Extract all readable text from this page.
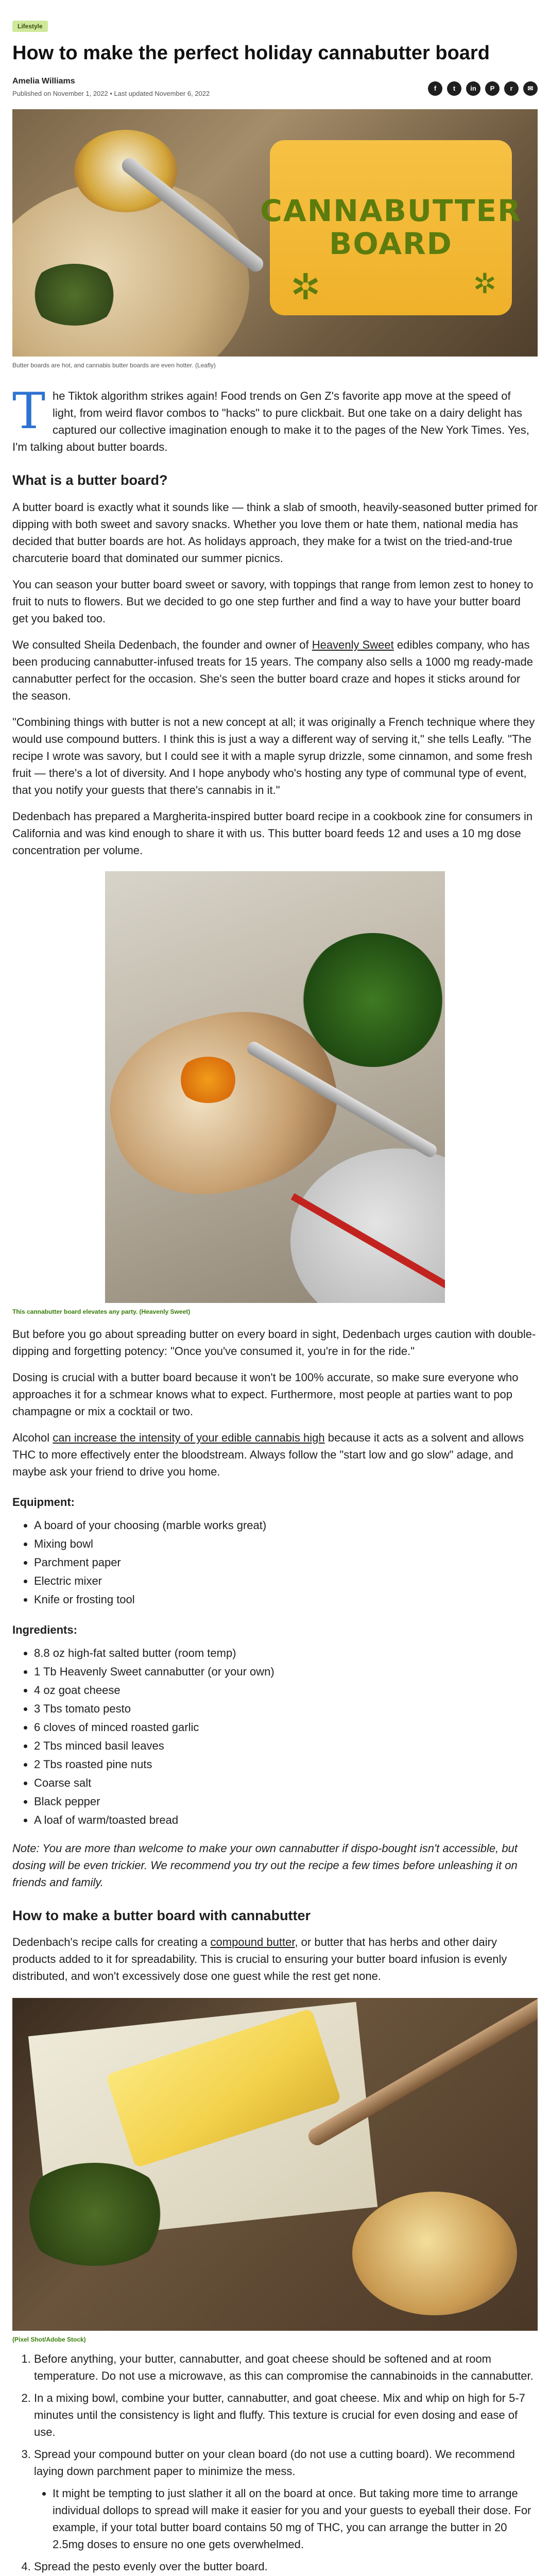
Lifestyle
How to make the perfect holiday cannabutter board
Amelia Williams
Published on November 1, 2022 • Last updated November 6, 2022
f	t	in	P	r	✉
CANNABUTTER
BOARD
✲	✲
Butter boards are hot, and cannabis butter boards are even hotter. (Leafly)
T he Tiktok algorithm strikes again! Food trends on Gen Z's favorite app move at the speed of light, from weird flavor combos to "hacks" to pure clickbait. But one take on a dairy delight has captured our collective imagination enough to make it to the pages of the New York Times. Yes, I'm talking about butter boards.

What is a butter board?

A butter board is exactly what it sounds like — think a slab of smooth, heavily-seasoned butter primed for dipping with both sweet and savory snacks. Whether you love them or hate them, national media has decided that butter boards are hot. As holidays approach, they make for a twist on the tried-and-true charcuterie board that dominated our summer picnics.

You can season your butter board sweet or savory, with toppings that range from lemon zest to honey to fruit to nuts to flowers. But we decided to go one step further and find a way to have your butter board get you baked too.

We consulted Sheila Dedenbach, the founder and owner of Heavenly Sweet edibles company, who has been producing cannabutter-infused treats for 15 years. The company also sells a 1000 mg ready-made cannabutter perfect for the occasion. She's seen the butter board craze and hopes it sticks around for the season.

"Combining things with butter is not a new concept at all; it was originally a French technique where they would use compound butters. I think this is just a way a different way of serving it," she tells Leafly. "The recipe I wrote was savory, but I could see it with a maple syrup drizzle, some cinnamon, and some fresh fruit — there's a lot of diversity. And I hope anybody who's hosting any type of communal type of event, that you notify your guests that there's cannabis in it."

Dedenbach has prepared a Margherita-inspired butter board recipe in a cookbook zine for consumers in California and was kind enough to share it with us. This butter board feeds 12 and uses a 10 mg dose concentration per volume.

This cannabutter board elevates any party. (Heavenly Sweet)

But before you go about spreading butter on every board in sight, Dedenbach urges caution with double-dipping and forgetting potency: "Once you've consumed it, you're in for the ride."

Dosing is crucial with a butter board because it won't be 100% accurate, so make sure everyone who approaches it for a schmear knows what to expect. Furthermore, most people at parties want to pop champagne or mix a cocktail or two.

Alcohol can increase the intensity of your edible cannabis high because it acts as a solvent and allows THC to more effectively enter the bloodstream. Always follow the "start low and go slow" adage, and maybe ask your friend to drive you home.

Equipment:
• A board of your choosing (marble works great)
• Mixing bowl
• Parchment paper
• Electric mixer
• Knife or frosting tool
Ingredients:
• 8.8 oz high-fat salted butter (room temp)
• 1 Tb Heavenly Sweet cannabutter (or your own)
• 4 oz goat cheese
• 3 Tbs tomato pesto
• 6 cloves of minced roasted garlic
• 2 Tbs minced basil leaves
• 2 Tbs roasted pine nuts
• Coarse salt
• Black pepper
• A loaf of warm/toasted bread

Note: You are more than welcome to make your own cannabutter if dispo-bought isn't accessible, but dosing will be even trickier. We recommend you try out the recipe a few times before unleashing it on friends and family.

How to make a butter board with cannabutter

Dedenbach's recipe calls for creating a compound butter, or butter that has herbs and other dairy products added to it for spreadability. This is crucial to ensuring your butter board infusion is evenly distributed, and won't excessively dose one guest while the rest get none.

(Pixel Shot/Adobe Stock)
1. Before anything, your butter, cannabutter, and goat cheese should be softened and at room temperature. Do not use a microwave, as this can compromise the cannabinoids in the cannabutter.
2. In a mixing bowl, combine your butter, cannabutter, and goat cheese. Mix and whip on high for 5-7 minutes until the consistency is light and fluffy. This texture is crucial for even dosing and ease of use.
3. Spread your compound butter on your clean board (do not use a cutting board). We recommend laying down parchment paper to minimize the mess.
• It might be tempting to just slather it all on the board at once. But taking more time to arrange individual dollops to spread will make it easier for you and your guests to eyeball their dose. For example, if your total butter board contains 50 mg of THC, you can arrange the butter in 20 2.5mg doses to ensure no one gets overwhelmed.
4. Spread the pesto evenly over the butter board.
